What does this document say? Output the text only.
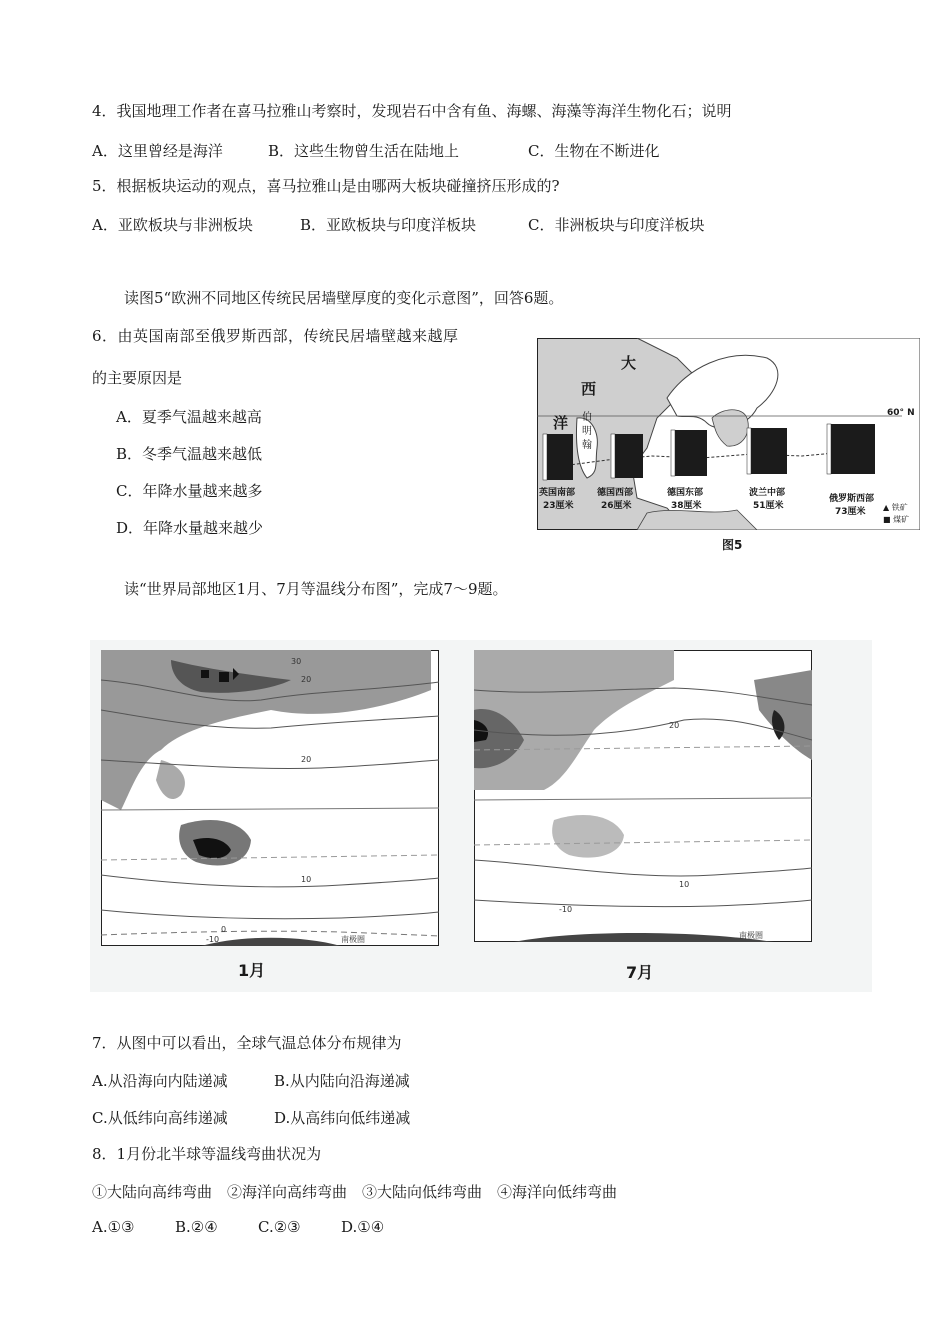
4．我国地理工作者在喜马拉雅山考察时，发现岩石中含有鱼、海螺、海藻等海洋生物化石；说明
A．这里曾经是海洋	B．这些生物曾生活在陆地上	C．生物在不断进化
5．根据板块运动的观点，喜马拉雅山是由哪两大板块碰撞挤压形成的?
A．亚欧板块与非洲板块	B．亚欧板块与印度洋板块	C．非洲板块与印度洋板块
读图5“欧洲不同地区传统民居墙壁厚度的变化示意图”，回答6题。
6．由英国南部至俄罗斯西部，传统民居墙壁越来越厚
的主要原因是
A．夏季气温越来越高
B．冬季气温越来越低
C．年降水量越来越多
D．年降水量越来越少
大
西
洋 伯
明
翰
60° N
英国南部
23厘米
德国西部
26厘米
德国东部
38厘米
波兰中部
51厘米
俄罗斯西部
73厘米 ▲ 铁矿
■ 煤矿
图5
读“世界局部地区1月、7月等温线分布图”，完成7～9题。
30
20
20
10
0
-10	南极圈
20
10
-10
南极圈
1月	7月
7．从图中可以看出，全球气温总体分布规律为
A.从沿海向内陆递减	B.从内陆向沿海递减
C.从低纬向高纬递减	D.从高纬向低纬递减
8．1月份北半球等温线弯曲状况为
①大陆向高纬弯曲　②海洋向高纬弯曲　③大陆向低纬弯曲　④海洋向低纬弯曲
A.①③	B.②④	C.②③	D.①④
